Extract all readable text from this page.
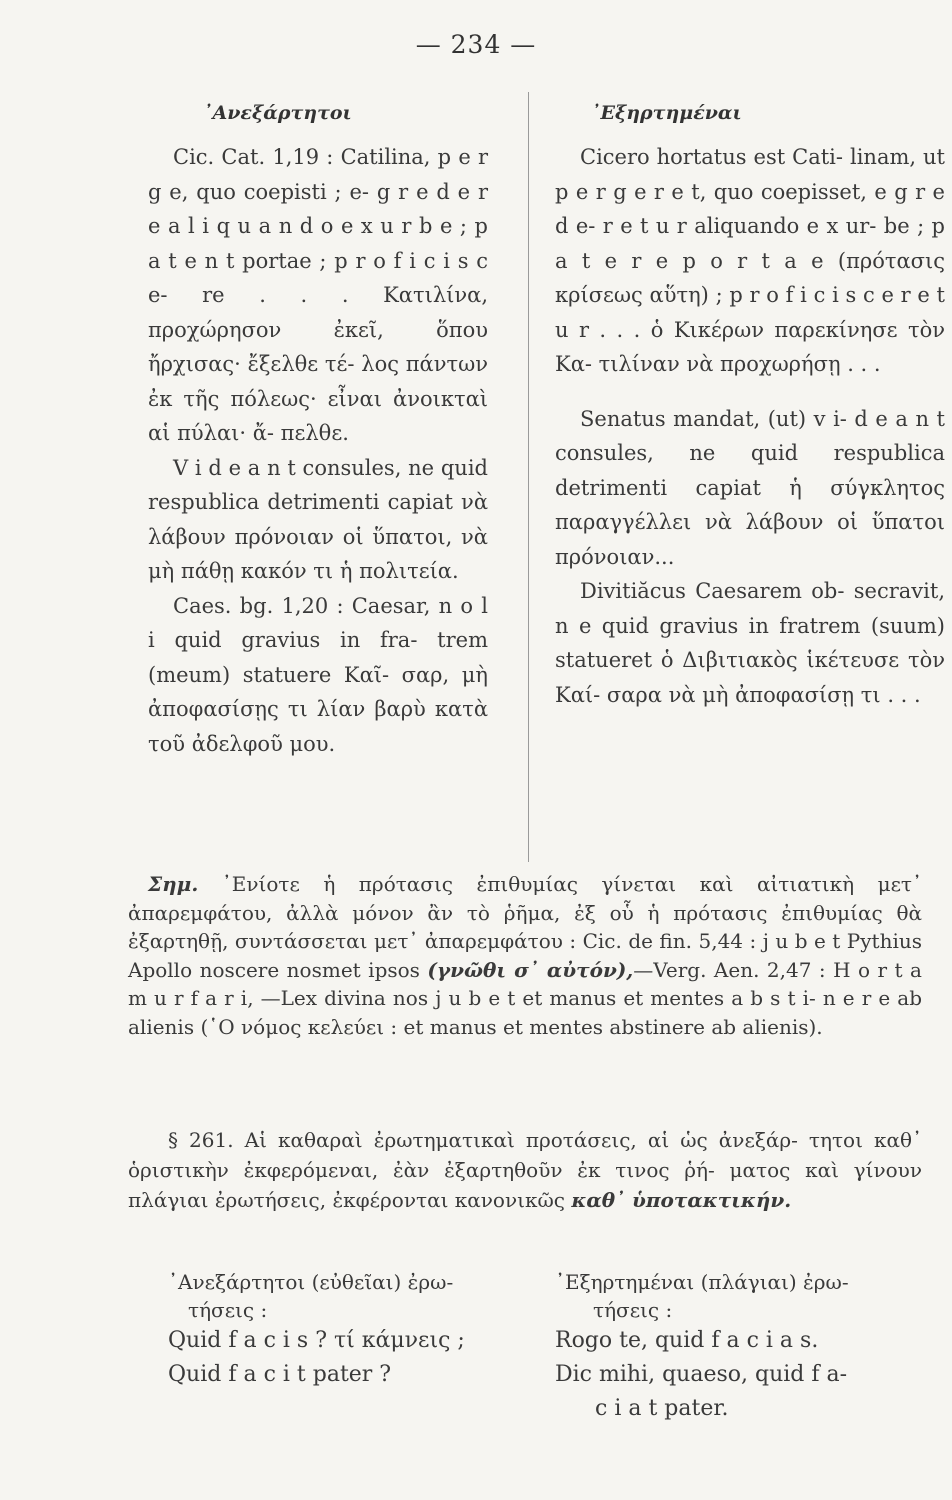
— 234 —
᾿Ανεξάρτητοι

Cic. Cat. 1,19 : Catilina, p e r g e, quo coepisti ; e- g r e d e r e a l i q u a n d o e x u r b e ; p a t e n t portae ; p r o f i c i s c e- re . . . Κατιλίνα, προχώρησον ἐκεῖ, ὅπου ἤρχισας· ἔξελθε τέ- λος πάντων ἐκ τῆς πόλεως· εἶναι ἀνοικταὶ αἱ πύλαι· ἄ- πελθε.

V i d e a n t consules, ne quid respublica detrimenti capiat νὰ λάβουν πρόνοιαν οἱ ὕπατοι, νὰ μὴ πάθῃ κακόν τι ἡ πολιτεία.

Caes. bg. 1,20 : Caesar, n o l i quid gravius in fra- trem (meum) statuere Καῖ- σαρ, μὴ ἀποφασίσῃς τι λίαν βαρὺ κατὰ τοῦ ἀδελφοῦ μου.

᾿Εξηρτημέναι

Cicero hortatus est Cati- linam, ut p e r g e r e t, quo coepisset, e g r e d e- r e t u r aliquando e x ur- be ; p a t e r e p o r t a e (πρότασις κρίσεως αὕτη) ; p r o f i c i s c e r e t u r . . . ὁ Κικέρων παρεκίνησε τὸν Κα- τιλίναν νὰ προχωρήσῃ . . .

Senatus mandat, (ut) v i- d e a n t consules, ne quid respublica detrimenti capiat ἡ σύγκλητος παραγγέλλει νὰ λάβουν οἱ ὕπατοι πρόνοιαν...

Divitiăcus Caesarem ob- secravit, n e quid gravius in fratrem (suum) statueret ὁ Διβιτιακὸς ἱκέτευσε τὸν Καί- σαρα νὰ μὴ ἀποφασίσῃ τι . . .

Σημ. ᾿Ενίοτε ἡ πρότασις ἐπιθυμίας γίνεται καὶ αἰτιατικὴ μετ᾿ ἀπαρεμφάτου, ἀλλὰ μόνον ἂν τὸ ῥῆμα, ἐξ οὗ ἡ πρότασις ἐπιθυμίας θὰ ἐξαρτηθῇ, συντάσσεται μετ᾿ ἀπαρεμφάτου : Cic. de fin. 5,44 : j u b e t Pythius Apollo noscere nosmet ipsos (γνῶθι σ᾿ αὐτόν),—Verg. Aen. 2,47 : H o r t a m u r f a r i, —Lex divina nos j u b e t et manus et mentes a b s t i- n e r e ab alienis (῾Ο νόμος κελεύει : et manus et mentes abstinere ab alienis).
§ 261. Αἱ καθαραὶ ἐρωτηματικαὶ προτάσεις, αἱ ὡς ἀνεξάρ- τητοι καθ᾿ ὁριστικὴν ἐκφερόμεναι, ἐὰν ἐξαρτηθοῦν ἐκ τινος ῥή- ματος καὶ γίνουν πλάγιαι ἐρωτήσεις, ἐκφέρονται κανονικῶς καθ᾿ ὑποτακτικήν.

᾿Ανεξάρτητοι (εὐθεῖαι) ἐρω-

τήσεις :

Quid f a c i s ? τί κάμνεις ;

Quid f a c i t pater ?

᾿Εξηρτημέναι (πλάγιαι) ἐρω-

τήσεις :

Rogo te, quid f a c i a s.

Dic mihi, quaeso, quid f a-

c i a t pater.
